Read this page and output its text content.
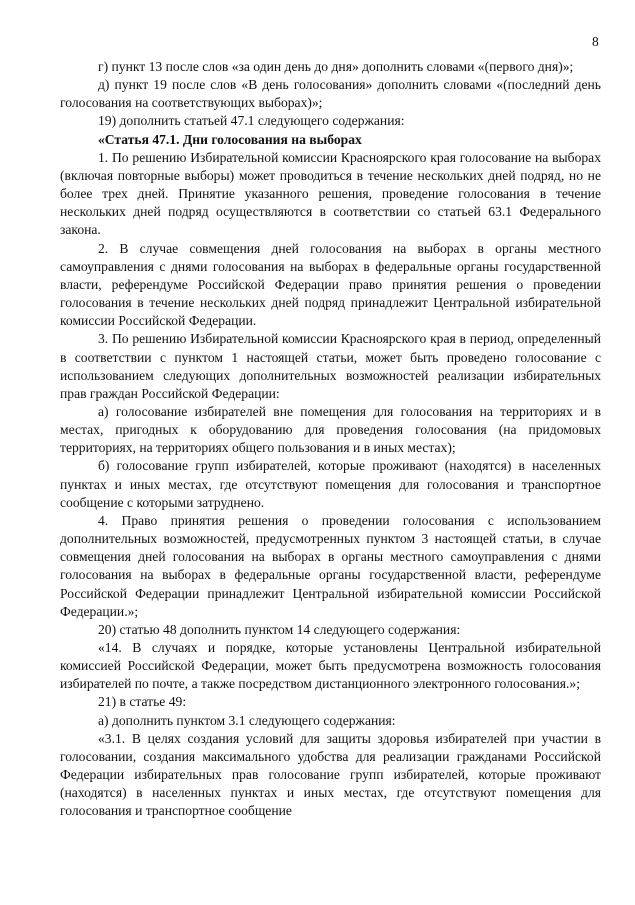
8

г) пункт 13 после слов «за один день до дня» дополнить словами «(первого дня)»;

д) пункт 19 после слов «В день голосования» дополнить словами «(последний день голосования на соответствующих выборах)»;

19) дополнить статьей 47.1 следующего содержания:

«Статья 47.1. Дни голосования на выборах

1. По решению Избирательной комиссии Красноярского края голосование на выборах (включая повторные выборы) может проводиться в течение нескольких дней подряд, но не более трех дней. Принятие указанного решения, проведение голосования в течение нескольких дней подряд осуществляются в соответствии со статьей 63.1 Федерального закона.

2. В случае совмещения дней голосования на выборах в органы местного самоуправления с днями голосования на выборах в федеральные органы государственной власти, референдуме Российской Федерации право принятия решения о проведении голосования в течение нескольких дней подряд принадлежит Центральной избирательной комиссии Российской Федерации.

3. По решению Избирательной комиссии Красноярского края в период, определенный в соответствии с пунктом 1 настоящей статьи, может быть проведено голосование с использованием следующих дополнительных возможностей реализации избирательных прав граждан Российской Федерации:

а) голосование избирателей вне помещения для голосования на территориях и в местах, пригодных к оборудованию для проведения голосования (на придомовых территориях, на территориях общего пользования и в иных местах);

б) голосование групп избирателей, которые проживают (находятся) в населенных пунктах и иных местах, где отсутствуют помещения для голосования и транспортное сообщение с которыми затруднено.

4. Право принятия решения о проведении голосования с использованием дополнительных возможностей, предусмотренных пунктом 3 настоящей статьи, в случае совмещения дней голосования на выборах в органы местного самоуправления с днями голосования на выборах в федеральные органы государственной власти, референдуме Российской Федерации принадлежит Центральной избирательной комиссии Российской Федерации.»;

20) статью 48 дополнить пунктом 14 следующего содержания:

«14. В случаях и порядке, которые установлены Центральной избирательной комиссией Российской Федерации, может быть предусмотрена возможность голосования избирателей по почте, а также посредством дистанционного электронного голосования.»;

21) в статье 49:

а) дополнить пунктом 3.1 следующего содержания:

«3.1. В целях создания условий для защиты здоровья избирателей при участии в голосовании, создания максимального удобства для реализации гражданами Российской Федерации избирательных прав голосование групп избирателей, которые проживают (находятся) в населенных пунктах и иных местах, где отсутствуют помещения для голосования и транспортное сообщение
